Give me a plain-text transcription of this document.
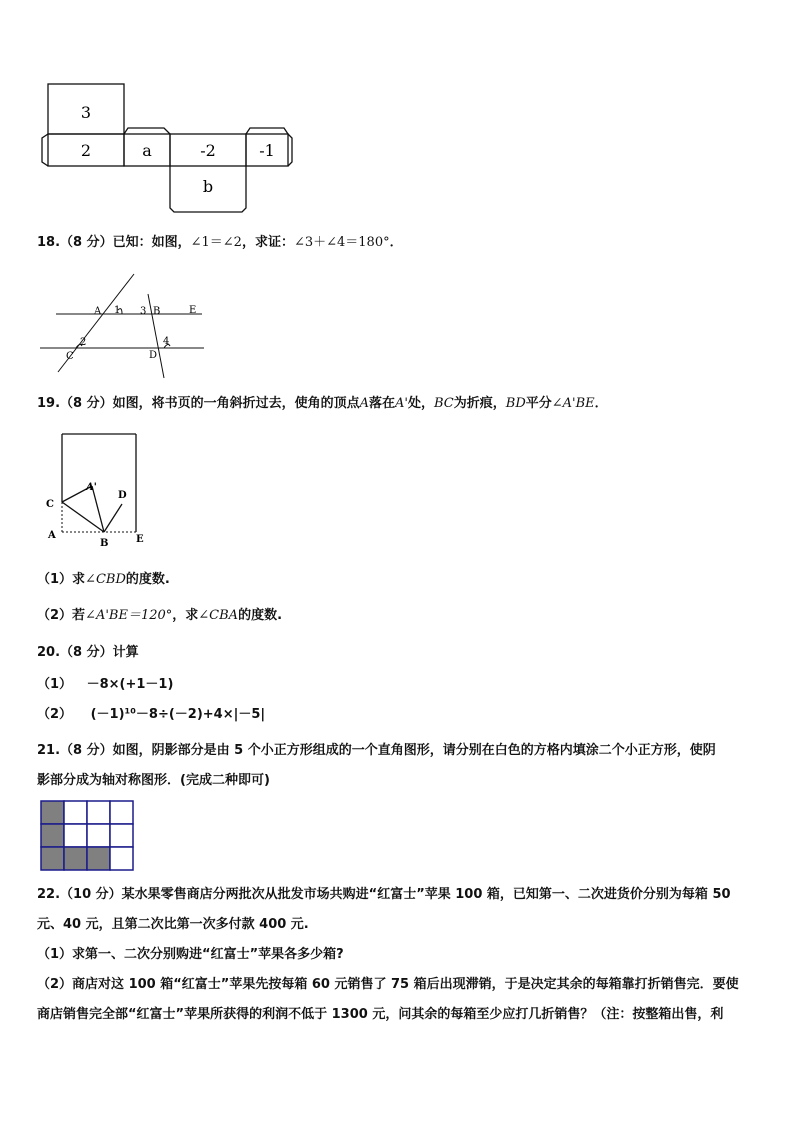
3
2	a	-2	-1
b
18.（8 分）已知：如图，∠1＝∠2，求证：∠3＋∠4＝180°．
A 1 3 B	E
C
2
D
4
19.（8 分）如图，将书页的一角斜折过去，使角的顶点A落在A'处，BC为折痕，BD平分∠A'BE．
C
A'
D
A
B	E
（1）求∠CBD的度数.
（2）若∠A'BE＝120°，求∠CBA的度数.
20.（8 分）计算
（1） －8×(+1－1)
（2） (－1)¹⁰－8÷(－2)+4×|－5|
21.（8 分）如图，阴影部分是由 5 个小正方形组成的一个直角图形，请分别在白色的方格内填涂二个小正方形，使阴
影部分成为轴对称图形．(完成二种即可)
22.（10 分）某水果零售商店分两批次从批发市场共购进“红富士”苹果 100 箱，已知第一、二次进货价分别为每箱 50
元、40 元，且第二次比第一次多付款 400 元.
（1）求第一、二次分别购进“红富士”苹果各多少箱?
（2）商店对这 100 箱“红富士”苹果先按每箱 60 元销售了 75 箱后出现滞销，于是决定其余的每箱靠打折销售完．要使
商店销售完全部“红富士”苹果所获得的利润不低于 1300 元，问其余的每箱至少应打几折销售？（注：按整箱出售，利
